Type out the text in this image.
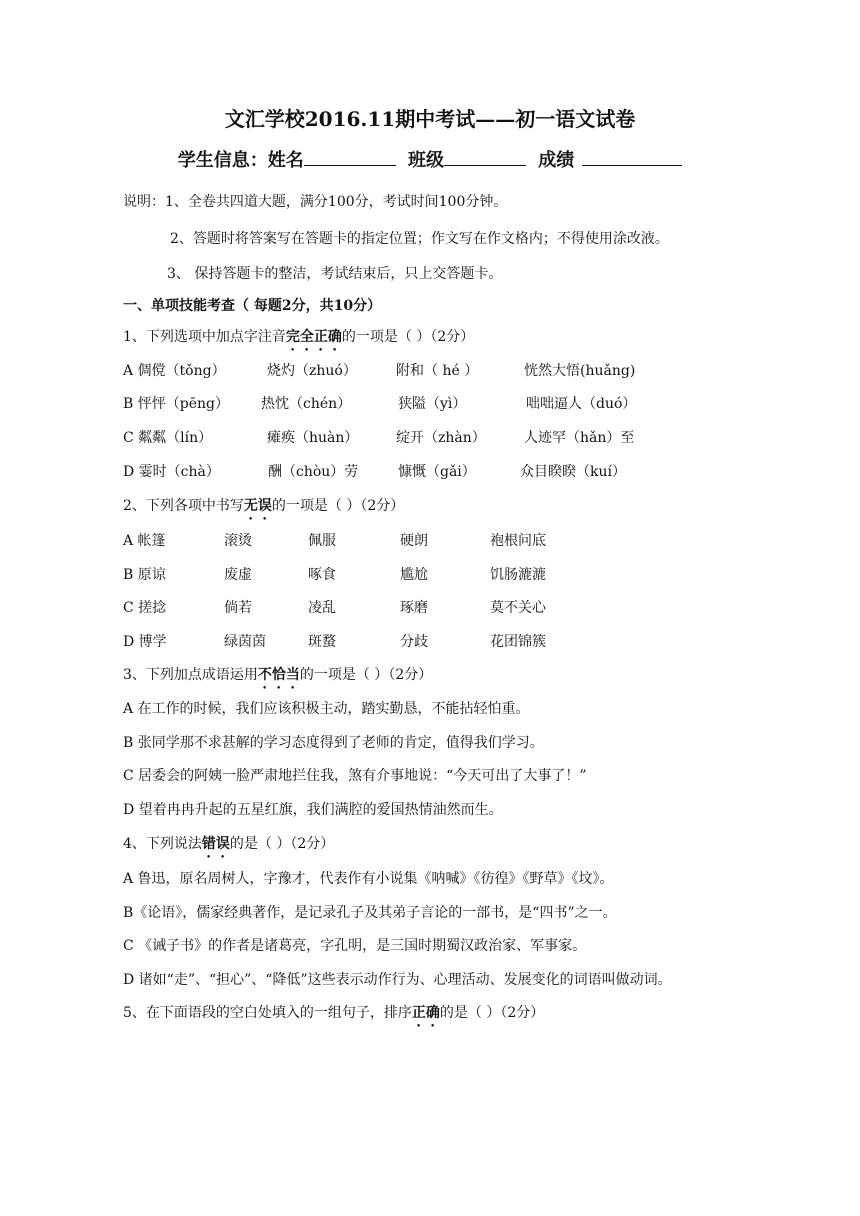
文汇学校2016.11期中考试——初一语文试卷
学生信息：姓名	班级	成绩
说明：1、全卷共四道大题，满分100分，考试时间100分钟。
2、答题时将答案写在答题卡的指定位置；作文写在作文格内；不得使用涂改液。
3、 保持答题卡的整洁，考试结束后，只上交答题卡。
一、单项技能考查（ 每题2分，共10分）
1、下列选项中加点字注音完全正确的一项是（ ）（2分）
A 倜傥（tǒng）	烧灼（zhuó）	附和（ hé ）	恍然大悟(huǎng)
B 怦怦（pēng） 热忱（chén）	狭隘（yì）	咄咄逼人（duó）
C 粼粼（lín）	瘫痪（huàn）	绽开（zhàn）	人迹罕（hǎn）至
D 霎时（chà）	酬（chòu）劳	慷慨（gǎi）	众目睽睽（kuí）
2、下列各项中书写无误的一项是（ ）（2分）
A 帐篷	滚烫	佩服	硬朗	袍根问底
B 原谅	废虚	啄食	尴尬	饥肠漉漉
C 搓捻	倘若	凌乱	琢磨	莫不关心
D 博学	绿茵茵	斑蝥	分歧	花团锦簇
3、下列加点成语运用不恰当的一项是（ ）（2分）
A 在工作的时候，我们应该积极主动，踏实勤恳，不能拈轻怕重。
B 张同学那不求甚解的学习态度得到了老师的肯定，值得我们学习。
C 居委会的阿姨一脸严肃地拦住我，煞有介事地说：“今天可出了大事了！”
D 望着冉冉升起的五星红旗，我们满腔的爱国热情油然而生。
4、下列说法错误的是（ ）（2分）
A 鲁迅，原名周树人，字豫才，代表作有小说集《呐喊》《彷徨》《野草》《坟》。
B《论语》，儒家经典著作，是记录孔子及其弟子言论的一部书，是“四书”之一。
C 《诫子书》的作者是诸葛亮，字孔明，是三国时期蜀汉政治家、军事家。
D 诸如“走”、“担心”、“降低”这些表示动作行为、心理活动、发展变化的词语叫做动词。
5、在下面语段的空白处填入的一组句子，排序正确的是（ ）（2分）
